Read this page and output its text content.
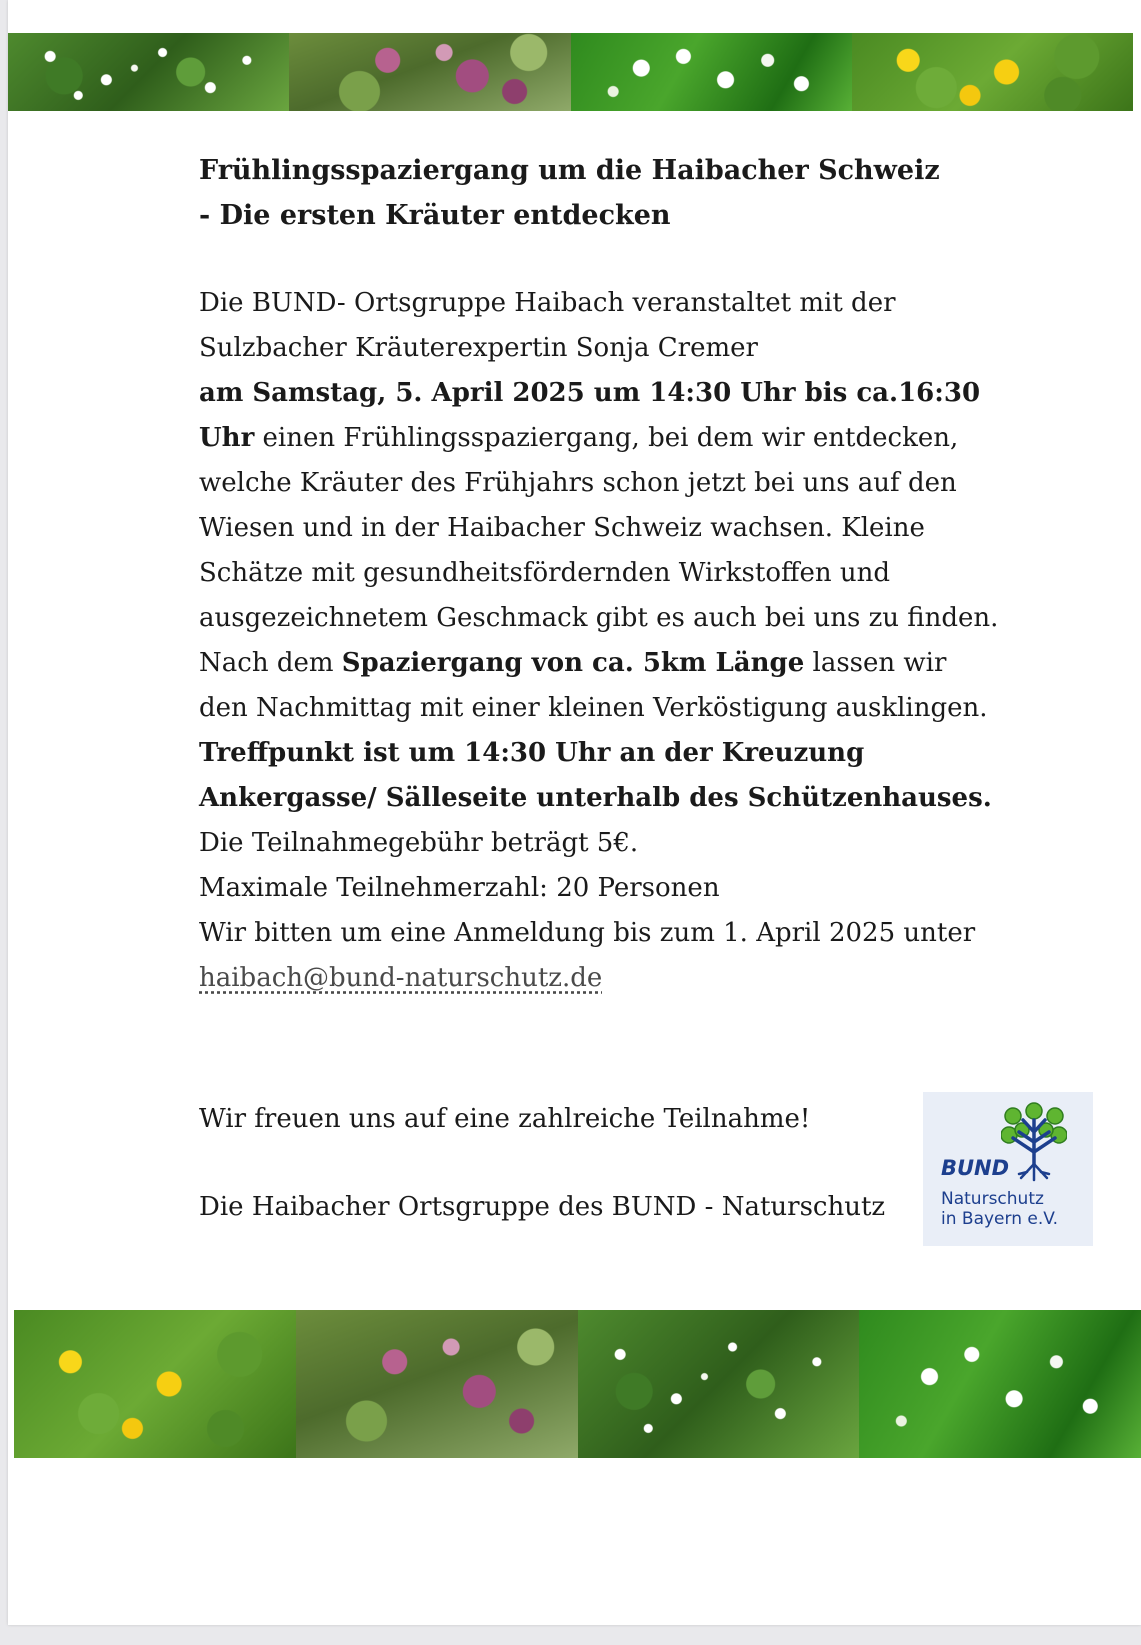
Frühlingsspaziergang um die Haibacher Schweiz
- Die ersten Kräuter entdecken

Die BUND- Ortsgruppe Haibach veranstaltet mit der Sulzbacher Kräuterexpertin Sonja Cremer

am Samstag, 5. April 2025 um 14:30 Uhr bis ca.16:30 Uhr einen Frühlingsspaziergang, bei dem wir entdecken, welche Kräuter des Frühjahrs schon jetzt bei uns auf den Wiesen und in der Haibacher Schweiz wachsen. Kleine Schätze mit gesundheitsfördernden Wirkstoffen und ausgezeichnetem Geschmack gibt es auch bei uns zu finden. Nach dem Spaziergang von ca. 5km Länge lassen wir den Nachmittag mit einer kleinen Verköstigung ausklingen.

Treffpunkt ist um 14:30 Uhr an der Kreuzung Ankergasse/ Sälleseite unterhalb des Schützenhauses.

Die Teilnahmegebühr beträgt 5€.

Maximale Teilnehmerzahl: 20 Personen

Wir bitten um eine Anmeldung bis zum 1. April 2025 unter

haibach@bund-naturschutz.de

Wir freuen uns auf eine zahlreiche Teilnahme!
Die Haibacher Ortsgruppe des BUND - Naturschutz
BUND
Naturschutz
in Bayern e.V.
